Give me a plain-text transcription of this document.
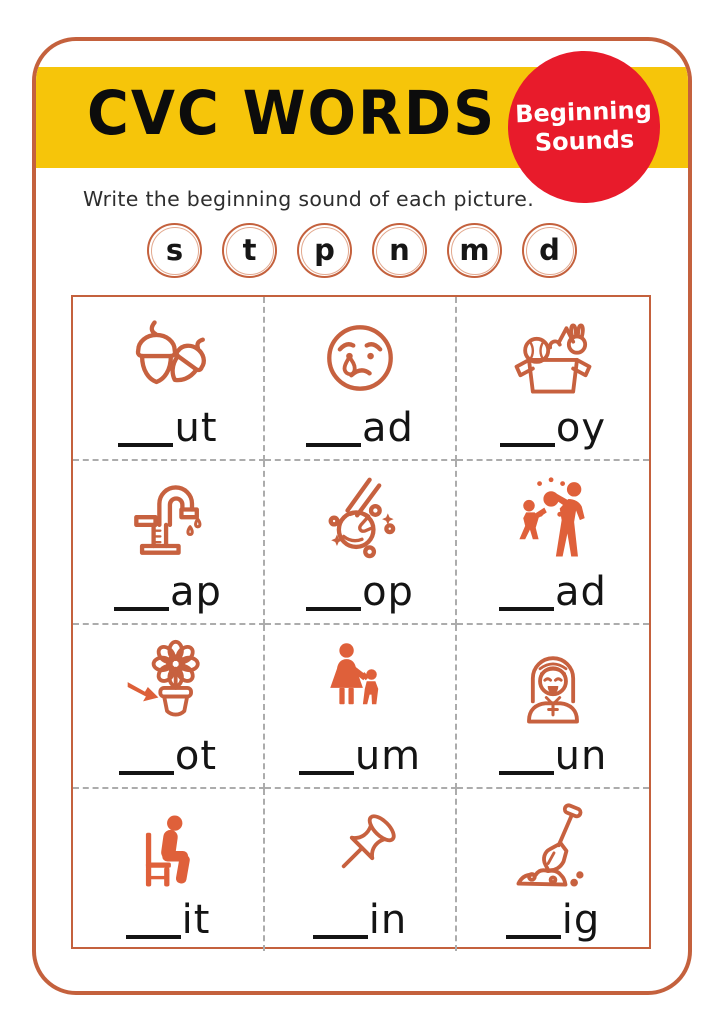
CVC WORDS Beginning
Sounds
Write the beginning sound of each picture.
s t p n m d
ut	ad	oy
ap	op	ad
ot	um	un
it	in	ig
